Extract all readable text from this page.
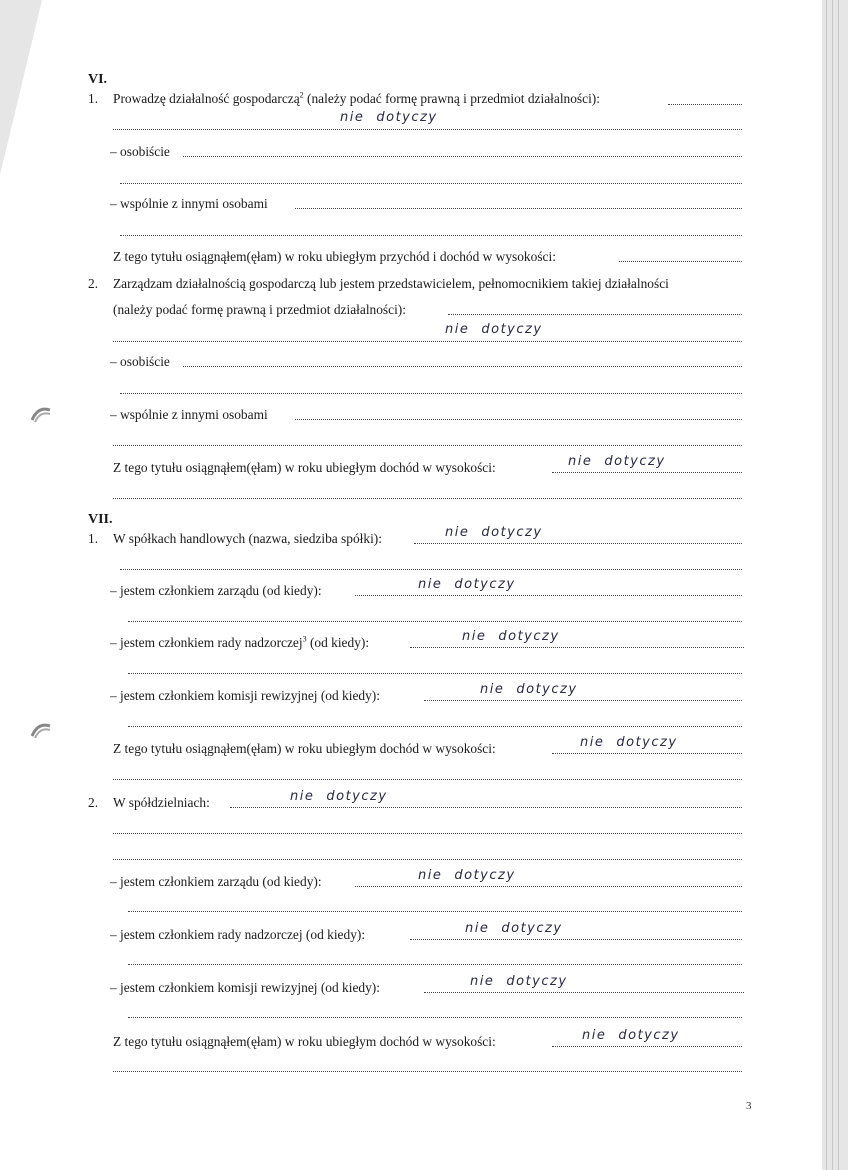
VI.
1. Prowadzę działalność gospodarczą$^2$ (należy podać formę prawną i przedmiot działalności):
nie dotyczy
– osobiście
– wspólnie z innymi osobami
Z tego tytułu osiągnąłem(ęłam) w roku ubiegłym przychód i dochód w wysokości:
2. Zarządzam działalnością gospodarczą lub jestem przedstawicielem, pełnomocnikiem takiej działalności
(należy podać formę prawną i przedmiot działalności):
nie dotyczy
– osobiście
– wspólnie z innymi osobami
Z tego tytułu osiągnąłem(ęłam) w roku ubiegłym dochód w wysokości:	nie dotyczy
VII.
1. W spółkach handlowych (nazwa, siedziba spółki):	nie dotyczy
– jestem członkiem zarządu (od kiedy):	nie dotyczy
– jestem członkiem rady nadzorczej$^3$ (od kiedy):	nie dotyczy
– jestem członkiem komisji rewizyjnej (od kiedy):	nie dotyczy
Z tego tytułu osiągnąłem(ęłam) w roku ubiegłym dochód w wysokości:	nie dotyczy
2. W spółdzielniach:	nie dotyczy
– jestem członkiem zarządu (od kiedy):	nie dotyczy
– jestem członkiem rady nadzorczej (od kiedy):	nie dotyczy
– jestem członkiem komisji rewizyjnej (od kiedy):	nie dotyczy
Z tego tytułu osiągnąłem(ęłam) w roku ubiegłym dochód w wysokości:	nie dotyczy
3
